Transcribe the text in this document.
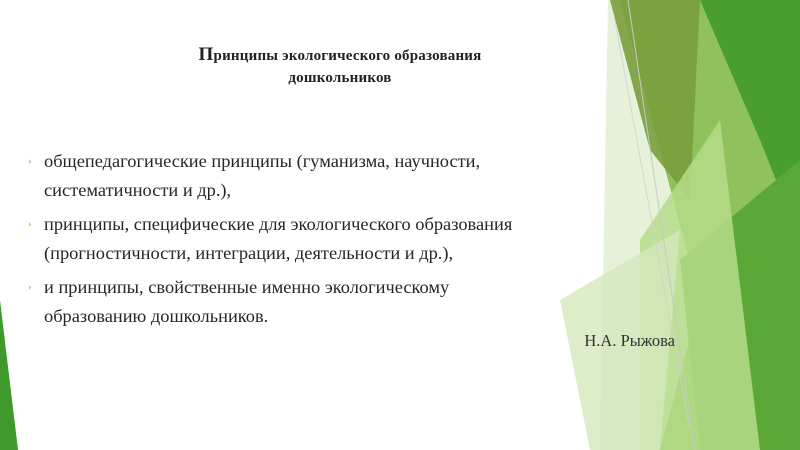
Принципы экологического образования
дошкольников
› общепедагогические принципы (гуманизма, научности,
систематичности и др.),
› принципы, специфические для экологического образования
(прогностичности, интеграции, деятельности и др.),
› и принципы, свойственные именно экологическому
образованию дошкольников.
Н.А. Рыжова
